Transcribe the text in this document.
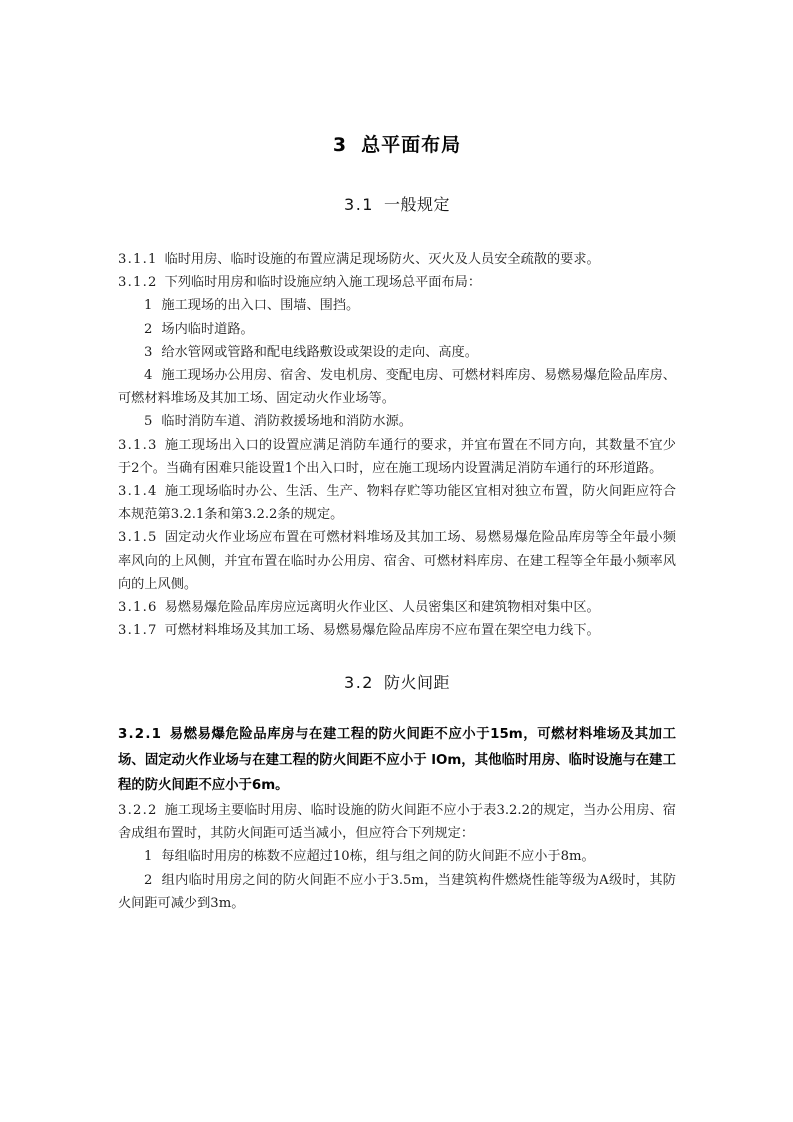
3 总平面布局
3.1 一般规定

3.1.1 临时用房、临时设施的布置应满足现场防火、灭火及人员安全疏散的要求。

3.1.2 下列临时用房和临时设施应纳入施工现场总平面布局：

1 施工现场的出入口、围墙、围挡。

2 场内临时道路。

3 给水管网或管路和配电线路敷设或架设的走向、高度。

4 施工现场办公用房、宿舍、发电机房、变配电房、可燃材料库房、易燃易爆危险品库房、可燃材料堆场及其加工场、固定动火作业场等。

5 临时消防车道、消防救援场地和消防水源。

3.1.3 施工现场出入口的设置应满足消防车通行的要求，并宜布置在不同方向，其数量不宜少于2个。当确有困难只能设置1个出入口时，应在施工现场内设置满足消防车通行的环形道路。

3.1.4 施工现场临时办公、生活、生产、物料存贮等功能区宜相对独立布置，防火间距应符合本规范第3.2.1条和第3.2.2条的规定。

3.1.5 固定动火作业场应布置在可燃材料堆场及其加工场、易燃易爆危险品库房等全年最小频率风向的上风侧，并宜布置在临时办公用房、宿舍、可燃材料库房、在建工程等全年最小频率风向的上风侧。

3.1.6 易燃易爆危险品库房应远离明火作业区、人员密集区和建筑物相对集中区。

3.1.7 可燃材料堆场及其加工场、易燃易爆危险品库房不应布置在架空电力线下。

3.2 防火间距

3.2.1 易燃易爆危险品库房与在建工程的防火间距不应小于15m，可燃材料堆场及其加工场、固定动火作业场与在建工程的防火间距不应小于 lOm，其他临时用房、临时设施与在建工程的防火间距不应小于6m。

3.2.2 施工现场主要临时用房、临时设施的防火间距不应小于表3.2.2的规定，当办公用房、宿舍成组布置时，其防火间距可适当减小，但应符合下列规定：

1 每组临时用房的栋数不应超过10栋，组与组之间的防火间距不应小于8m。

2 组内临时用房之间的防火间距不应小于3.5m，当建筑构件燃烧性能等级为A级时，其防火间距可减少到3m。
